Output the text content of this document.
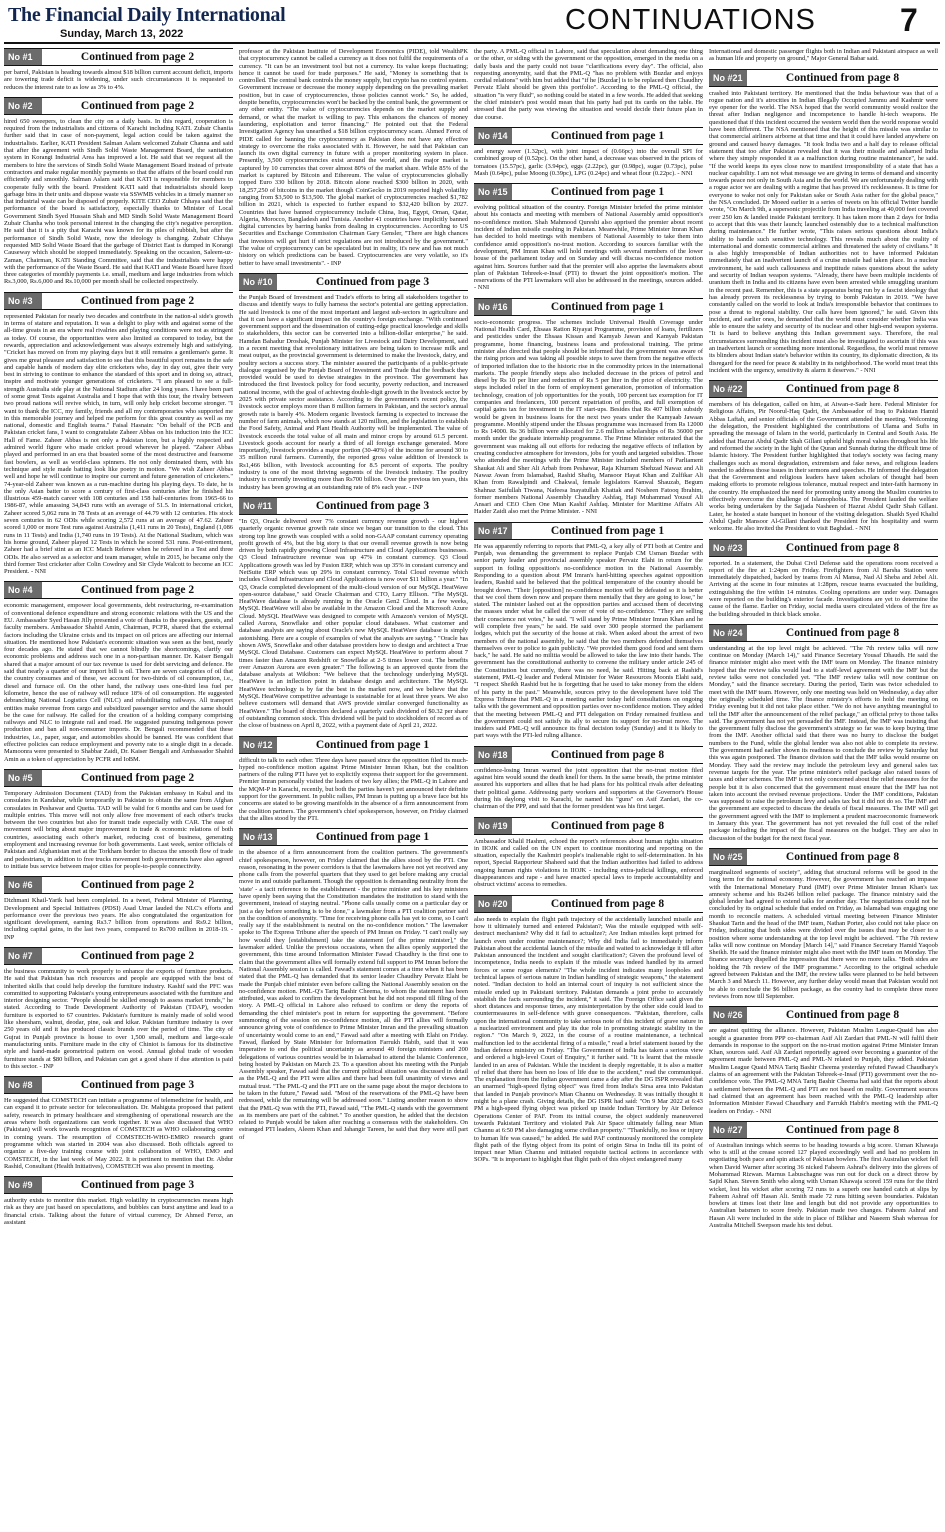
The Financial Daily International
Sunday, March 13, 2022	CONTINUATIONS	7
No #1	Continued from page 2
per barrel, Pakistan is heading towards almost $18 billion current account deficit, imports are towering trade deficit is widening, under such circumstances it is requested to reduces the interest rate to as low as 3% to 4%.
No #2	Continued from page 2
hired 650 sweepers, to clean the city on a daily basis. In this regard, cooperation is required from the industrialists and citizens of Karachi including KATI. Zubair Chaniia further said that in case of non-payment, legal action could be taken against the industrialists. Earlier, KATI President Salman Aslam welcomed Zubair Channa and said that after the agreement with Sindh Solid Waste Management Board, the sanitation system in Korangi Industrial Area has improved a lot. He said that we request all the members to hire the services of Sindh Solid Waste Management Board instead of private contractors and make regular monthly payments so that the affairs of the board could run efficiently and smoothly. Salman Aslam said that KATI is responsible for members to cooperate fully with the board. President KATI said that industrialists should keep garbage bins in their units and dispose waste via SSWMB vehicles in a timely manner so that industrial waste can be disposed of properly. KITE CEO Zubair Chhaya said that the performance of the board is satisfactory, especially thanks to Minister of Local Government Sindh Syed Hussain Shah and MD Sindh Solid Waste Management Board Zubair Chanha who took personal interest in the changing the city's negative perception. He said that it is a pity that Karachi was known for its piles of rubbish, but after the performance of Sindh Solid Waste, now the ideology is changing. Zubair Chhaya requested MD Solid Waste Board that the garbage of District East is dumped in Korangi Causeway which should be stopped immediately. Speaking on the occasion, Saleem-uz-Zaman, Chairman, KATI Standing Committee, said that the industrialists were happy with the performance of the Waste Board. He said that KATI and Waste Board have fixed three categories of monthly payments i.e. small, medium and large industries from which Rs.3,000, Rs.6,000 and Rs.10,000 per month shall be collected respectively.
No #3	Continued from page 2
represented Pakistan for nearly two decades and contribute in the nation-al side's growth in terms of stature and reputation. It was a delight to play with and against some of the all-time greats in an era where real rivalries and playing conditions were not as stringent as today. Of course, the opportunities were also limited as compared to today, but the rewards, appreciation and acknowledgement was always extremely high and satisfying. "Cricket has moved on from my playing days but it still remains a gentleman's game. It gives me great pleasure and satisfaction to see that this beautiful sport remains in the safe and capable hands of modern day elite cricketers who, day in day out, give their very best in striving to continue to enhance the standard of this sport and in doing so, attract, inspire and motivate younger generations of cricketers. "I am pleased to see a full-strength Australia side play at the National Stadium after 24 long years. I have been part of some great Tests against Australia and I hope that with this tour, the rivalry between two proud nations will revive which, in turn, will only help cricket become stronger. "I want to thank the ICC, my family, friends and all my contemporaries who supported me in this memorable journey and helped me perform for this great country as well as my national, domestic and English teams." Faisal Hasnain: "On behalf of the PCB and Pakistan cricket fans, I want to congratulate Zaheer Abbas on his induction into the ICC Hall of Fame. Zaheer Abbas is not only a Pakistan icon, but a highly respected and admired world figure who made cricket proud wherever he played. "Zaheer Abbas played and performed in an era that boasted some of the most destructive and fearsome fast bowlers, as well as world-class spinners. He not only dominated them, with his technique and style made batting look like poetry in motion. "We wish Zaheer Abbas well and hope he will continue to inspire our current and future generation of cricketers." 74-year-old Zaheer was known as a run-machine during his playing days. To date, he is the only Asian batter to score a century of first-class centuries after he finished his illustrious 459-match career with 108 centuries and 158 half-centuries from 1965-66 to 1986-87, while amassing 34,843 runs with an average of 51.5. In international cricket, Zaheer scored 5,062 runs in 78 Tests at an average of 44.79 with 12 centuries. His stock seven centuries in 62 ODIs while scoring 2,572 runs at an average of 47.62. Zaheer scored 1,000 or more Test runs against Australia (1,411 runs in 20 Tests), England (1,086 runs in 11 Tests) and India (1,740 runs in 19 Tests). At the National Stadium, which was his home ground, Zaheer played 12 Tests in which he scored 531 runs. Post-retirement, Zaheer had a brief stint as an ICC Match Referee when he refereed in a Test and three ODIs. He also served as a selector and team manager, while in 2015, he became only the third former Test cricketer after Colin Cowdrey and Sir Clyde Walcott to become an ICC President. - NNI
No #4	Continued from page 2
economic management, empower local governments, debt restructuring, re-examination of conventional defence expenditure and strong economic relations with the US and the EU. Ambassador Syed Hasan Jilly presented a vote of thanks to the speakers, guests, and faculty members. Ambassador Shahid Amin, Chairman, PCFR, shared that the external factors including the Ukraine crisis and its impact on oil prices are affecting our internal situation. He mentioned how Pakistan's economic situation was seen as the best, nearly four decades ago. He stated that we cannot blindly the shortcomings, clarify our economic problems and address such one in a non-partisan manner. Dr. Kaiser Bengali shared that a major amount of our tax revenue is used for debt servicing and defence. He said that nearly a quarter of our import bill is oil. There are seven categories of oil that the country consumes and of these, we account for two-thirds of oil consumption, i.e., diesel and furnace oil. On the other hand, the railway uses one-third less fuel per kilometre, hence the use of railway will reduce 18% of oil consumption. He suggested debranching National Logistics Cell (NLC) and rehabilitating railways. All transport entities make revenue from cargo and subsidized passenger service and the same should be the case for railway. He called for the creation of a holding company comprising railways and NLC to integrate rail and road. He suggested pursuing indigenous power production and ban all non-consumer imports. Dr. Bengali recommended that these industries, i.e., paper, sugar, and automobiles should be banned. He was confident that effective policies can reduce employment and poverty rate to a single digit in a decade. Mamoonra were presented to Shabbar Zaidi, Dr. Kaiser Bengali and Ambassador Shahid Amin as a token of appreciation by PCFR and IoBM.
No #5	Continued from page 2
Temporary Admission Document (TAD) from the Pakistan embassy in Kabul and its consulates in Kandahar, while temporarily in Pakistan to obtain the same from Afghan consulates in Peshawar and Quetta. TAD will be valid for 6 months and can be used for multiple entries. This move will not only allow free movement of each other's trucks between the two countries but also for transit trade especially with CAR. The ease of movement will bring about major improvement in trade & economic relations of both countries, associating each other's market, reducing cost of business, generating employment and increasing revenue for both governments. Last week, senior officials of Pakistan and Afghanistan met at the Torkham border to discuss the smooth flow of trade and pedestrians, in addition to free trucks movement both governments have also agreed to initiate bus service between major cities for people-to-people connectivity.
No #6	Continued from page 2
Dizhmani Khail-Yarik had been completed. In a tweet, Federal Minister of Planning, Development and Special Initiatives (PDSI) Asad Umar lauded the NLC's efforts and performance over the previous two years. He also congratulated the organization for significant development, earning Rs3.7 billion from operations and Rs9.2 billion, including capital gains, in the last two years, compared to Rs700 million in 2018-19. - INP
No #7	Continued from page 2
the business community to work properly to enhance the exports of furniture products. He said that Pakistan has rich resources and people are equipped with the best of inherited skills that could help develop the furniture industry. Kashif said the PFC was committed to supporting Pakistan's young entrepreneurs associated with the furniture and interior designing sector. "People should be skilled enough to assess market trends," he stated. According to Trade Development Authority of Pakistan (TDAP), wooden furniture is exported to 67 countries. Pakistan's furniture is mainly made of solid wood like sheesham, walnut, deodar, pine, oak and kikar. Pakistan furniture industry is over 250 years old and it has produced classic brands over the period of time. The city of Gujrat in Punjab province is house to over 1,500 small, medium and large-scale manufacturing units. Furniture made in the city of Chiniot is famous for its distinctive style and hand-made geometrical pattern on wood. Annual global trade of wooden furniture stands at $80 billion, and Pakistan can get a good share if due attention is paid to this sector. - INP
No #8	Continued from page 3
He suggested that COMSTECH can initiate a programme of telemedicine for health, and can expand it to private sector for teleconsultation. Dr. Mahiguta proposed that patient safety, research in primary healthcare and strengthening of operational research are the areas where both organizations can work together. It was also discussed that WHO (Pakistan) will work towards recognition of COMSTECH as WHO collaborating centre in coming years. The resumption of COMSTECH-WHO-EMRO research grant programme which was started in 2004 was also discussed. Both officials agreed to organize a five-day training course with joint collaboration of WHO, EMO and COMSTECH, in the last week of May 2022. It is pertinent to mention that Dr. Abdur Rashid, Consultant (Health Initiatives), COMSTECH was also present in meeting.
No #9	Continued from page 3
authority exists to monitor this market. High volatility in cryptocurrencies means high risk as they are just based on speculations, and bubbles can burst anytime and lead to a financial crisis. Talking about the future of virtual currency, Dr Ahmed Feroz, an assistant
professor at the Pakistan Institute of Development Economics (PIDE), told WealthPK that cryptocurrency cannot be called a currency as it does not fulfil the requirements of a currency. "It can be an investment tool but not a currency. Its value keeps fluctuating; hence it cannot be used for trade purposes." He said, "Money is something that is controlled. The central bank controls the money supply, but crypto has no control system. Government increase or decrease the money supply depending on the prevailing market position, but in case of cryptocurrencies, those policies cannot work." So, he added, despite benefits, cryptocurrencies won't be backed by the central bank, the government or any other entity. "The value of cryptocurrencies depends on the market supply and demand, or what the market is willing to pay. This enhances the chances of money laundering, exploitation and terror financing." He pointed out that the Federal Investigation Agency has unearthed a $18 billion cryptocurrency scam. Ahmed Feroz of PIDE called for banning the cryptocurrency as Pakistan does not have any effective strategy to overcome the risks associated with it. However, he said that Pakistan can launch its own digital currency in future with a proper monitoring system in place. Presently, 3,500 cryptocurrencies exist around the world, and the major market is captured by 10 currencies that cover almost 80% of the market share. While 85% of the market is captured by Bitcoin and Ethereum. The value of cryptocurrencies globally topped Euro 330 billion by 2018. Bitcoin alone reached $300 billion in 2020, with 18,257,250 of bitcoins in the market though CoinGecko in 2019 reported high volatility ranging from $3,500 to $13,500. The global market of cryptocurrencies reached $1,782 billion in 2021, which is expected to further expand to $32,420 billion by 2027. Countries that have banned cryptocurrency include China, Iraq, Egypt, Oman, Qatar, Algeria, Morocco, Bangladesh and Tunisia. Another 41 countries have implicitly banned digital currencies by barring banks from dealing in cryptocurrencies. According to US Securities and Exchange Commission Chairman Gary Gensler, "There are high chances that investors will get hurt if strict regulations are not introduced by the government." The value of cryptocurrency can be speculated but in reality, it's new and has not much history on which predictions can be based. Cryptocurrencies are very volatile, so it's better to have small investments". - INP
No #10	Continued from page 3
the Punjab Board of Investment and Trade's efforts to bring all stakeholders together to discuss and identify ways to fully harness the sector's potential are getting appreciation. He said livestock is one of the most important and largest sub-sectors in agriculture and that it can have a significant impact on the country's foreign exchange. "With continued government support and the dissemination of cutting-edge practical knowledge and skills to stakeholders, this sector can be converted into a billion-dollar enterprise," he said. Hamdan Bahadur Droshak, Punjab Minister for Livestock and Dairy Development, said in a recent meeting that revolutionary initiatives are being taken to increase milk and meat output, as the provincial government is determined to make the livestock, dairy, and poultry sectors a success story. The minister assured the participants of a public-private dialogue organised by the Punjab Board of Investment and Trade that the feedback they provided would be used to devise strategies in the province. The government has introduced the first livestock policy for food security, poverty reduction, and increased national income, with the goal of achieving double-digit growth in the livestock sector by 2025 with private sector assistance. According to the government's recent policy, the livestock sector employs more than 8 million farmers in Pakistan, and the sector's annual growth rate is barely 4%. Modern organic livestock farming is expected to increase the number of farm animals, which now stands at 120 million, and the legislation to establish the Food Safety, Animal and Plant Health Authority will be implemented. The value of livestock exceeds the total value of all main and minor crops by around 61.5 percent. Livestock goods account for nearly a third of all foreign exchange generated. More importantly, livestock provides a major portion (30-40%) of the income for around 30 to 35 million rural farmers. Currently, the reported gross value addition of livestock is Rs1,466 billion, with livestock accounting for 8.5 percent of exports. The poultry industry is one of the most thriving segments of the livestock industry. The poultry industry is currently investing more than Rs700 billion. Over the previous ten years, this industry has been growing at an outstanding rate of 8% each year. - INP
No #11	Continued from page 3
"In Q3, Oracle delivered over 7% constant currency revenue growth - our highest quarterly organic revenue growth rate since we began our transition to the cloud. This strong top line growth was coupled with a solid non-GAAP constant currency operating profit growth of 4%, but the big story is that our overall revenue growth is now being driven by both rapidly growing Cloud Infrastructure and Cloud Applications businesses. Q3 Cloud Infrastructure revenue was up 47% in constant currency. Q3 Cloud Applications growth was led by Fusion ERP, which was up 35% in constant currency and NetSuite ERP which was up 29% in constant currency. Total Cloud revenue which includes Cloud Infrastructure and Cloud Applications is now over $11 billion a year." "In Q3, Oracle completed development of the multi-cloud version of our MySQL HeatWave open-source database," said Oracle Chairman and CTO, Larry Ellison. "The MySQL HeatWave database is already running in the Oracle Gen2 Cloud. In a few weeks, MySQL HeatWave will also be available in the Amazon Cloud and the Microsoft Azure Cloud. MySQL HeatWave was designed to compete with Amazon's version of MySQL called Aurora, Snowflake and other popular cloud databases. What customer and database analysts are saying about Oracle's new MySQL HeatWave database is simply astonishing. Here are a couple of examples of what the analysts are saying." "Oracle has shown AWS, Snowflake and other database providers how to design and architect a True MySQL Cloud Database. Customers can expect MySQL HeatWave to perform about 7 times faster than Amazon Redshift or Snowflake at 2-5 times lower cost. The benefits over Amazon Aurora are even greater." The following is an approved quote from the database analysts at Wikibon: "We believe that the technology underlying MySQL HeatWave is an inflection point in database design and architecture. The MySQL HeatWave technology is by far the best in the market now, and we believe that the MySQL HeatWave competitive advantage is sustainable for at least three years. We also believe customers will demand that AWS provide similar converged functionality as HeatWave." The board of directors declared a quarterly cash dividend of $0.32 per share of outstanding common stock. This dividend will be paid to stockholders of record as of the close of business on April 8, 2022, with a payment date of April 21, 2022.
No #12	Continued from page 1
difficult to talk to each other. Three days have passed since the opposition filed its much-hyped no-confidence motion against Prime Minister Imran Khan, but the coalition partners of the ruling PTI have yet to explicitly express their support for the government. Premier Imran personally visited the leaders of two key allies; the PML-Q in Lahore and the MQM-P in Karachi, recently, but both the parties haven't yet announced their definite support for the government. In public rallies, PM Imran is putting up a brave face but his concerns are stated to be growing manifolds in the absence of a firm announcement from the coalition partners. The government's chief spokesperson, however, on Friday claimed that the allies stood by the PTI.
No #13	Continued from page 1
in the absence of a firm announcement from the coalition partners. The government's chief spokesperson, however, on Friday claimed that the allies stood by the PTI. One reason, resonating in the power corridors is that the lawmakers have not yet received any phone calls from the powerful quarters that they used to get before making any crucial move in and outside parliament. Though the opposition is demanding neutrality from the 'state' - a tacit reference to the establishment - the prime minister and his key ministers have openly been saying that the Constitution mandates the institution to stand with the government, instead of staying neutral. "Phone calls usually come on a particular day or just a day before something is to be done," a lawmaker from a PTI coalition partner said on the condition of anonymity. "Time for receiving phone calls has yet to come, so I can't really say if the establishment is neutral on the no-confidence motion." The lawmaker spoke to The Express Tribune after the speech of PM Imran on Friday. "I can't really say how would they [establishment] take the statement [of the prime minister]," the lawmaker added. Unlike the previous occasions, when the allies openly supported the government, this time around Information Minister Fawad Chaudhry is the first one to claim that the government allies will formally extend full support to PM Imran before the National Assembly session is called. Fawad's statement comes at a time when it has been stated that the PML-Q has demanded that its senior leader Chaudhry Pervaiz Elahi be made the Punjab chief minister even before calling the National Assembly session on the no-confidence motion. PML-Q's Tariq Bashir Cheema, to whom the statement has been attributed, was asked to confirm the development but he did not respond till filing of the story. A PML-Q official in Lahore also refused to confirm or deny the reports of demanding the chief minister's post in return for supporting the government. "Before summoning of the session on no-confidence motion, all the PTI allies will formally announce giving vote of confidence to Prime Minister Imran and the prevailing situation of uncertainty would come to an end," Fawad said after a meeting with Elahi on Friday. Fawad, flanked by State Minister for Information Farrukh Habib, said that it was imperative to end the political uncertainty as around 40 foreign ministers and 200 delegations of various countries would be in Islamabad to attend the Islamic Conference, being hosted by Pakistan on March 23. To a question about his meeting with the Punjab Assembly speaker, Fawad said that the current political situation was discussed in detail as the PML-Q and the PTI were allies and there had been full unanimity of views and mutual trust. "The PML-Q and the PTI are on the same page about the major decisions to be taken in the future," Fawad said. "Most of the reservations of the PML-Q have been redressed, while the remaining will be addressed soon." Listing another reason to show that the PML-Q was with the PTI, Fawad said, "The PML-Q stands with the government as its members are part of the cabinet." To another question, he added that the decision related to Punjab would be taken after reaching a consensus with the stakeholders. On estranged PTI leaders, Aleem Khan and Jahangir Tareen, he said that they were still part of
the party. A PML-Q official in Lahore, said that speculation about demanding one thing or the other, or siding with the government or the opposition, emerged in the media on a daily basis and the party could not issue "clarifications every day". The official, also requesting anonymity, said that the PML-Q "has no problem with Buzdar and enjoys cordial relations" with him but added that "if he [Buzdar] is to be replaced then Chaudhry Pervaiz Elahi should be given this portfolio". According to the PML-Q official, the situation "is very fluid", so nothing could be stated in a few words. He added that seeking the chief minister's post would mean that his party had put its cards on the table. He stressed that the party was viewing the situation and would decide their future plan in due course.
No #14	Continued from page 1
and energy saver (1.32pc), with joint impact of (0.66pc) into the overall SPI for combined group of (0.52pc). On the other hand, a decrease was observed in the prices of tomatoes (15.57pc), garlic (3.94pc), eggs (2.22pc), gur (0.98pc), sugar (0.73pc), pulse Mash (0.64pc), pulse Moong (0.39pc), LPG (0.24pc) and wheat flour (0.22pc). - NNI
No #15	Continued from page 1
evolving political situation of the country. Foreign Minister briefed the prime minister about his contacts and meeting with members of National Assembly amid opposition's no-confidence motion. Shah Mahmood Qureshi also apprised the premier about recent incident of Indian missile crashing in Pakistan. Meanwhile, Prime Minister Imran Khan has decided to hold meetings with members of National Assembly to take them into confidence amid opposition's no-trust motion. According to sources familiar with the development, PM Imran Khan will hold meetings with several members of the lower house of the parliament today and on Sunday and will discuss no-confidence motion against him. Sources further said that the premier will also apprise the lawmakers about plan of Pakistan Tehreek-e-Insaf (PTI) to thwart the joint opposition's motion. The reservations of the PTI lawmakers will also be addressed in the meetings, sources added. - NNI
No #16	Continued from page 1
socio-economic progress. The schemes include Universal Health Coverage under National Health Card, Ehsaas Ration Riyayat Programme, provision of loans, fertilizers and pesticides under the Ehsaas Kissan and Kamyab Jawan and Kamyab Pakistan programme, home financing, business loans and professional training. The prime minister also directed that people should be informed that the government was aware of the rising prices and was taking all possible steps to save them from the negative effects of imported inflation due to the historic rise in the commodity prices in the international markets. The people friendly steps also included decrease in the prices of petrol and diesel by Rs 10 per liter and reduction of Rs 5 per liter in the price of electricity. The steps included relief in the form of employment generation, promotion of information technology, creation of job opportunities for the youth, 100 percent tax exemption for IT companies and freelancers, 100 percent repatriation of profits, and full exemption of capital gains tax for investment in the IT start-ups. Besides that Rs 407 billion subsidy would be given in business loans for the next two years under the Kamyaab Jawaan programme. Monthly stipend under the Ehsaas programme was increased from Rs 12000 to Rs 14000. Rs 36 billion were allocated for 2.6 million scholarships of Rs 36000 per month under the graduate internship programme. The Prime Minister reiterated that the government was making all out efforts for reducing the negative effects of inflation by creating conducive atmosphere for investors, jobs for youth and targeted subsidies. Those who attended the meetings with the Prime Minister included members of Parliament Shaukat Ali and Sher Ali Arbab from Peshawar, Raja Khurram Shehzad Nawaz and Ali Nawaz Awan from Islamabad, Rashid Shafiq, Mansoor Hayat Khan and Zulfikar Ali Khan from Rawalpindi and Chakwal, female legislators Kanwal Shauzab, Begum Shahnaz Saifullah Tiwana, Nafeesa Inayatullah Khattak and Nosheen Fatooq Ibrahim, former members National Assembly Chaudhry Ashfaq, Haji Muhammad Yousuf Ali Ansari and CEO Chen One Mian Kashif Ashfaq. Minister for Maritime Affairs Ali Haider Zaidi also met the Prime Minister. - NNI
No #17	Continued from page 1
He was apparently referring to reports that PML-Q, a key ally of PTI both at Centre and Punjab, was demanding the government to replace Punjab CM Usman Buzdar with senior party leader and provincial assembly speaker Pervaiz Elahi in return for the support in foiling opposition's no-confidence motion in the National Assembly. Responding to a question about PM Imran's hard-hitting speeches against opposition leaders, Rashid said he believed that the political temperature of the country should be brought down. "Their [opposition] no-confidence motion will be defeated so it is better that we cool them down now and prepare them mentally that they are going to lose," he stated. The minister lashed out at the opposition parties and accused them of deceiving the masses under what he called the cover of vote of no-confidence. "They are selling their conscience not votes," he said. "I will stand by Prime Minister Imran Khan and he will complete five years," he said. He said over 300 people stormed the parliament lodges, which put the security of the house at risk. When asked about the arrest of two members of the national assembly, he said that the two members defended themselves themselves over to police to gain publicity. "We provided them good food and sent them back," he said. He said no militia would be allowed to take the law into their hands. The government has the constitutional authority to convene the military under article 245 of the Constitution but currently, there was no need, he said. Hitting back at Rashid's statement, PML-Q leader and Federal Minister for Water Resources Moonis Elahi said, "I respect Sheikh Rashid but he is forgetting that he used to take money from the elders of his party in the past." Meanwhile, sources privy to the development have told The Express Tribune that PML-Q in a meeting earlier today held consultations on ongoing talks with the government and opposition parties over no-confidence motion. They added that the meeting between PML-Q and PTI delegation on Friday remained fruitless and the government could not satisfy its ally to secure its support for no-trust move. The insiders said PML-Q will announce its final decision today (Sunday) and it is likely to part ways with the PTI-led ruling alliance.
No #18	Continued from page 8
confidence-losing Imran warned the joint opposition that the no-trust motion filed against him would sound the death knell for them. In the same breath, the prime minister assured his supporters and allies that he had plans for his political rivals after defeating their political game. Addressing party workers and supporters at the Governor's House during his daylong visit to Karachi, he named his "guns" on Asif Zardari, the co-chairman of the PPP, and said that the former president was his first target.
No #19	Continued from page 8
Ambassador Khalil Hashmi, echoed the report's references about human rights situation in IIOJK and called on the UN expert to continue monitoring and reporting on the situation, especially the Kashmiri people's inalienable right to self-determination. In his report, Special Rapporteur Shaheed said that the Indian authorities had failed to address ongoing human rights violations in IIOJK - including extra-judicial killings, enforced disappearances and rape - and have enacted special laws to impede accountability and obstruct victims' access to remedies.
No #20	Continued from page 8
also needs to explain the flight path trajectory of the accidentally launched missile and how it ultimately turned and entered Pakistan?; Was the missile equipped with self-destruct mechanism? Why did it fail to actualize?; Are Indian missiles kept primed for launch even under routine maintenance?; Why did India fail to immediately inform Pakistan about the accidental launch of the missile and waited to acknowledge it till after Pakistan announced the incident and sought clarification?; Given the profound level of incompetence, India needs to explain if the missile was indeed handled by its armed forces or some rogue elements? "The whole incident indicates many loopholes and technical lapses of serious nature in Indian handling of strategic weapons," the statement noted. "Indian decision to hold an internal court of inquiry is not sufficient since the missile ended up in Pakistani territory. Pakistan demands a joint probe to accurately establish the facts surrounding the incident," it said. The Foreign Office said given the short distances and response times, any misinterpretation by the other side could lead to countermeasures in self-defence with grave consequences. "Pakistan, therefore, calls upon the international community to take serious note of this incident of grave nature in a nuclearized environment and play its due role in promoting strategic stability in the region." "On March 9, 2022, in the course of a routine maintenance, a technical malfunction led to the accidental firing of a missile," read a brief statement issued by the Indian defence ministry on Friday. "The Government of India has taken a serious view and ordered a high-level Court of Enquiry," it further said. "It is learnt that the missile landed in an area of Pakistan. While the incident is deeply regrettable, it is also a matter of relief that there has been no loss of life due to the accident," read the communiqué. The explanation from the Indian government came a day after the DG ISPR revealed that an unarmed "high-speed flying object" was fired from India's Sirsa area into Pakistan that landed in Punjab province's Mian Channu on Wednesday. It was initially thought it might be a plane crash. Giving details, the DG ISPR had said: "On 9 Mar 2022 at 6:43 PM a high-speed flying object was picked up inside Indian Territory by Air Defence Operations Center of PAF. From its initial course, the object suddenly maneuvered towards Pakistani Territory and violated Pak Air Space ultimately falling near Mian Channu at 6:50 PM also damaging some civilian property." "Thankfully, no loss or injury to human life was caused," he added. He said PAF continuously monitored the complete flight path of the flying object from its point of origin Sirsa in India till its point of impact near Mian Channu and initiated requisite tactical actions in accordance with SOPs. "It is important to highlight that flight path of this object endangered many
International and domestic passenger flights both in Indian and Pakistani airspace as well as human life and property on ground," Major General Babar said.
No #21	Continued from page 8
crashed into Pakistani territory. He mentioned that the India behaviour was that of a rogue nation and it's atrocities in Indian Illegally Occupied Jammu and Kashmir were eye opener for the world. The NSA hoped that the world community would realize the threat after Indian negligence and incompetence to handle hi-tech weapons. He questioned that if this incident occurred the western world then the world response would have been different. The NSA mentioned that the height of this missile was similar to that commercial airliners airborne at that time and that it could have landed anywhere on ground and caused heavy damages. "It took India two and a half day to release official statement that too after Pakistan revealed that it was their missile and ashamed India where they simply responded it as a malfunction during routine maintenance", he said. "If the world keeps its eyes close now to manifest irresponsibility of a state that has a nuclear capability. I am not what message we are giving in terms of demand and sincerity towards peace not only in South Asia and in the world. We are unfortunately dealing with a rogue actor we are dealing with a regime that has proved it's recklessness. It is time for everyone to wake not only for Pakistan sake or South Asia rather for the global peace," the NSA concluded. Dr Moeed earlier in a series of tweets on his official Twitter handle wrote, "On March 9th, a supersonic projectile from India traveling at 40,000 feet covered over 250 km & landed inside Pakistani territory. It has taken more than 2 days for India to accept that this was their launch; launched ostensibly due to a technical malfunction during maintenance." He further wrote, "This raises serious questions about India's ability to handle such sensitive technology. This reveals much about the reality of international and domestic commercial airlines and threatened the safety of civilians." It is also highly irresponsible of Indian authorities not to have informed Pakistan immediately that an inadvertent launch of a cruise missile had taken place. In a nuclear environment, he said such callousness and ineptitude raises questions about the safety and security of Indian weapon systems. "Already, there have been multiple incidents of uranium theft in India and its citizens have even been arrested while smuggling uranium in the recent past. Remember, this is a state apparatus being run by a fascist ideology that has already proven its recklessness by trying to bomb Pakistan in 2019. "We have constantly called on the world to look at India's irresponsible behavior that continues to pose a threat to regional stability. Our calls have been ignored," he said. Given this incident, and earlier ones, he demanded that the world must consider whether India was able to ensure the safety and security of its nuclear and other high-end weapon systems. "It is hard to believe anything this Indian government says. Therefore, the real circumstances surrounding this incident must also be investigated to ascertain if this was an inadvertent launch or something more intentional. Regardless, the world must remove its blinders about Indian state's behavior within its country, its diplomatic direction, & its disregard for the need for peace & stability in its neighborhood. The world must treat this incident with the urgency, sensitivity & alarm it deserves." - NNI
No #22	Continued from page 8
members of his delegation, called on him, at Aiwan-e-Sadr here. Federal Minister for Religious Affairs, Pir Noorul-Haq Qadri, the Ambassador of Iraq to Pakistan Hamid Abbas Laftah, and senior officials of the Government attended the meeting. Welcoming the delegation, the President highlighted the contributions of Ulama and Sufis in spreading the message of Islam in the world, particularly in Central and South Asia. He added that Hazrat Abdul Qadir Shah Gillani upheld high moral values throughout his life and reformed the society in the light of the Quran and Sunnah during the difficult time of Islamic history. The President further highlighted that today's society was facing many challenges such as moral degradation, extremism and fake news, and religious leaders needed to address those issues in their sermons and speeches. He informed the delegation that the Government and religious leaders have taken scholars of thought had been making efforts to promote religious tolerance, mutual respect and inter-faith harmony in the country. He emphasized the need for promoting unity among the Muslim countries to effectively overcome the challenge of Islamophobia. The President lauded the welfare works being undertaken by the Sajjada Nasheen of Hazrat Abdul Qadir Shah Gillani. Later, he hosted a state banquet in honour of the visiting delegation. Shaikh Syed Khalid Abdul Qadir Mansoor Al-Gillani thanked the President for his hospitality and warm welcome. He also invited the President to visit Baghdad. - NNI
No #23	Continued from page 8
reported. In a statement, the Dubai Civil Defense said the operations room received a report of the fire at 1:24pm on Friday. Firefighters from Al Barsha Station were immediately dispatched, backed by teams from Al Mansa, Nad Al Sheba and Jebel Ali. Arriving at the scene in four minutes at 1:28pm, rescue teams evacuated the building, extinguishing the fire within 14 minutes. Cooling operations are under way. Damages were reported on the building's exterior facade. Investigations are yet to determine the cause of the flame. Earlier on Friday, social media users circulated videos of the fire as the building shrouded in thick black smoke.
No #24	Continued from page 8
understanding at the top level might be achieved. "The 7th review talks will now continue on Monday (March 14)," said Finance Secretary Yousaf Dhaudh. He said the finance minister might also meet with the IMF team on Monday. The finance ministry hoped that the review talks would lead to a staff-level agreement with the IMF but the review talks were not concluded yet. "The IMF review talks will now continue on Monday," said the finance secretary. During the period, Tarin was twice scheduled to meet with the IMF team. However, only one meeting was held on Wednesday, a day after the originally scheduled time. The finance ministry's efforts to hold the meeting on Friday evening but it did not take place either. "We do not have anything meaningful to tell the IMF after the announcement of the relief package," an official privy to those talks said. The government has not yet persuaded the IMF. Instead, the IMF was insisting that the government fully disclose the government's strategy so far was to keep buying time from the IMF. Another official said that there was no hurry to disclose the budget numbers to the Fund, while the global lender was also not able to complete its review. The government had earlier shown its readiness to conclude the review by Saturday but this was again postponed. The finance division said that the IMF talks would resume on Monday. They said the review may include the petroleum levy and general sales tax revenue targets for the year. The prime minister's relief package also raised issues of taxes and other schemes. The IMF is not only concerned about the relief measures for the people but it is also concerned that the government must ensure that the IMF has not taken into account the revised revenue projections. Under the IMF conditions, Pakistan was supposed to raise the petroleum levy and sales tax but it did not do so. The IMF and the government are expected to discuss the details of fiscal measures. The IMF will get the government agreed with the IMF to implement a prudent macroeconomic framework in January this year. The government has not yet revealed the full cost of the relief package including the impact of the fiscal measures on the budget. They are also in discussion of the budget for the next fiscal year.
No #25	Continued from page 8
marginalized segments of society", adding that structural reforms will be good in the long term for the national economy. However, the government has reached an impasse with the International Monetary Fund (IMF) over Prime Minister Imran Khan's tax amnesty scheme and his Rs246 billion relief package. The finance ministry said the global lender had agreed to extend talks for another day. The negotiations could not be concluded by its original schedule that ended on Friday, as Islamabad was engaging one month to reconcile matters. A scheduled virtual meeting between Finance Minister Shaukat Tarin and the head of the IMF team, Nathan Porter, also could not take place on Friday, indicating that both sides were divided over the issues that may be closer to a position where some understanding at the top level might be achieved. "The 7th review talks will now continue on Monday [March 14]," said Finance Secretary Hamid Yaqoob Sheikh. He said the finance minister might also meet with the IMF team on Monday. The finance secretary dispelled the impression that there were no more talks. "Both sides are holding the 7th review of the IMF programme." According to the original schedule agreed between Pakistan and the IMF, the review talks were planned to be held between March 3 and March 11. However, any further delay would mean that Pakistan would not be able to conclude the $6 billion package, as the country had to complete three more reviews from now till September.
No #26	Continued from page 8
are against quitting the alliance. However, Pakistan Muslim League-Quaid has also sought a guarantee from PPP co-chairman Asif Ali Zardari that PML-N will fulfil their demands in response to the support on the no-trust motion against Prime Minister Imran Khan, sources said. Asif Ali Zardari reportedly agreed over becoming a guarantor of the agreement made between PML-Q and PML-N related to Punjab, they added. Pakistan Muslim League Quaid MNA Tariq Bashir Cheema yesterday refuted Fawad Chaudhary's claims of an agreement with the Pakistan Tehreek-e-Insaf (PTI) government over the no-confidence vote. The PML-Q MNA Tariq Bashir Cheema had said that the reports about a settlement between the PML-Q and PTI are not based on reality. Government sources had claimed that an agreement has been reached with the PML-Q leadership after Information Minister Fawad Chaudhary and Farrukh Habib's meeting with the PML-Q leaders on Friday. - NNI
No #27	Continued from page 8
of Australian innings which seems to be heading towards a big score. Usman Khawaja who is still at the crease scored 127 played exceedingly well and had no problem in negotiating both pace and spin attack of Pakistan bowlers. The first Australian wicket fell when David Warner after scoring 36 nicked Faheem Ashraf's delivery into the gloves of Mohammad Rizwan. Marnus Labuschagne was run out for duck on a direct throw by Sajid Khan. Steven Smith who along with Usman Khawaja scored 159 runs for the third wicket, lost his wicket after scoring 72 runs to a superb one handed catch at slips by Faheem Ashraf off Hasan Ali. Smith made 72 runs hitting seven boundaries. Pakistan bowlers at times lost their line and length but did not provide any opportunities to Australian batsmen to score freely. Pakistan made two changes. Faheem Ashraf and Hasan Ali were included in the side in place of Bilkhar and Naseem Shah whereas for Australia Mitchell Swepson made his test debut.
